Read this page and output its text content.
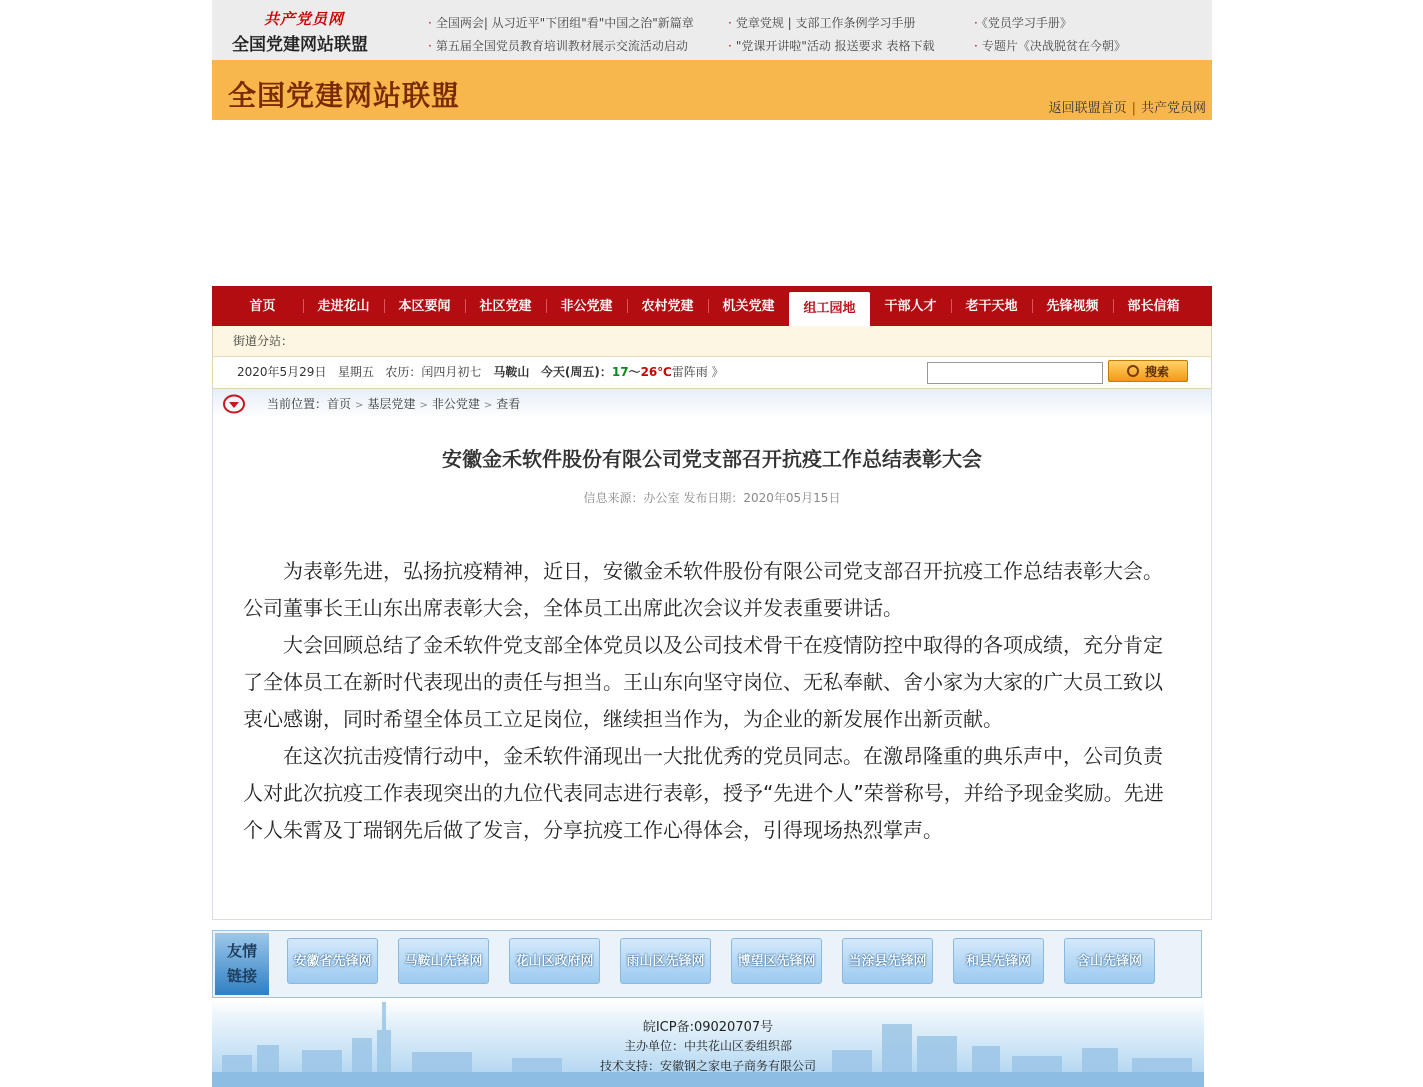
共产党员网
全国党建网站联盟
· 全国两会| 从习近平"下团组"看"中国之治"新篇章
· 第五届全国党员教育培训教材展示交流活动启动
· 党章党规 | 支部工作条例学习手册
· "党课开讲啦"活动 报送要求 表格下载
· 《党员学习手册》
· 专题片《决战脱贫在今朝》
全国党建网站联盟	返回联盟首页 | 共产党员网
首页	走进花山	本区要闻	社区党建	非公党建	农村党建	机关党建	组工园地	干部人才	老干天地	先锋视频	部长信箱
街道分站：
2020年5月29日 星期五 农历：闰四月初七 马鞍山 今天(周五)：17～26℃雷阵雨 》	搜索
当前位置：首页 > 基层党建 > 非公党建 > 查看
安徽金禾软件股份有限公司党支部召开抗疫工作总结表彰大会
信息来源：办公室 发布日期：2020年05月15日

为表彰先进，弘扬抗疫精神，近日，安徽金禾软件股份有限公司党支部召开抗疫工作总结表彰大会。公司董事长王山东出席表彰大会，全体员工出席此次会议并发表重要讲话。

大会回顾总结了金禾软件党支部全体党员以及公司技术骨干在疫情防控中取得的各项成绩，充分肯定了全体员工在新时代表现出的责任与担当。王山东向坚守岗位、无私奉献、舍小家为大家的广大员工致以衷心感谢，同时希望全体员工立足岗位，继续担当作为，为企业的新发展作出新贡献。

在这次抗击疫情行动中，金禾软件涌现出一大批优秀的党员同志。在激昂隆重的典乐声中，公司负责人对此次抗疫工作表现突出的九位代表同志进行表彰，授予“先进个人”荣誉称号，并给予现金奖励。先进个人朱霄及丁瑞钢先后做了发言，分享抗疫工作心得体会，引得现场热烈掌声。

友情
链接
安徽省先锋网	马鞍山先锋网	花山区政府网	雨山区先锋网	博望区先锋网	当涂县先锋网	和县先锋网	含山先锋网
皖ICP备:09020707号
主办单位：中共花山区委组织部
技术支持：安徽钢之家电子商务有限公司
